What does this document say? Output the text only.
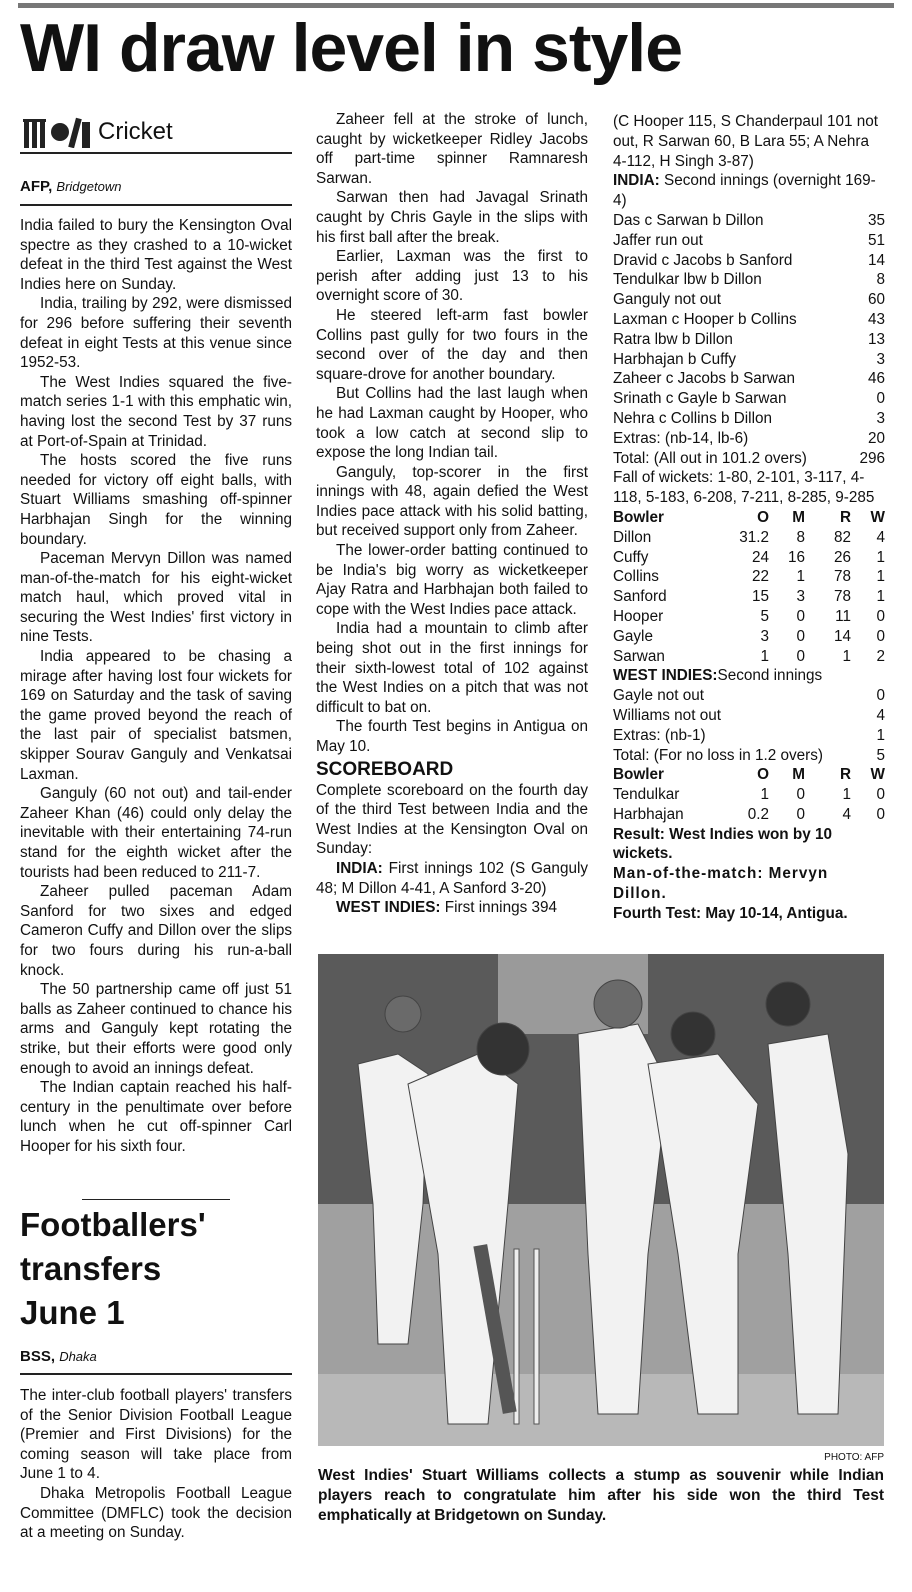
WI draw level in style
Cricket
AFP, Bridgetown

India failed to bury the Kensington Oval spectre as they crashed to a 10-wicket defeat in the third Test against the West Indies here on Sunday.

India, trailing by 292, were dismissed for 296 before suffering their seventh defeat in eight Tests at this venue since 1952-53.

The West Indies squared the five-match series 1-1 with this emphatic win, having lost the second Test by 37 runs at Port-of-Spain at Trinidad.

The hosts scored the five runs needed for victory off eight balls, with Stuart Williams smashing off-spinner Harbhajan Singh for the winning boundary.

Paceman Mervyn Dillon was named man-of-the-match for his eight-wicket match haul, which proved vital in securing the West Indies' first victory in nine Tests.

India appeared to be chasing a mirage after having lost four wickets for 169 on Saturday and the task of saving the game proved beyond the reach of the last pair of specialist batsmen, skipper Sourav Ganguly and Venkatsai Laxman.

Ganguly (60 not out) and tail-ender Zaheer Khan (46) could only delay the inevitable with their entertaining 74-run stand for the eighth wicket after the tourists had been reduced to 211-7.

Zaheer pulled paceman Adam Sanford for two sixes and edged Cameron Cuffy and Dillon over the slips for two fours during his run-a-ball knock.

The 50 partnership came off just 51 balls as Zaheer continued to chance his arms and Ganguly kept rotating the strike, but their efforts were good only enough to avoid an innings defeat.

The Indian captain reached his half-century in the penultimate over before lunch when he cut off-spinner Carl Hooper for his sixth four.

Zaheer fell at the stroke of lunch, caught by wicketkeeper Ridley Jacobs off part-time spinner Ramnaresh Sarwan.

Sarwan then had Javagal Srinath caught by Chris Gayle in the slips with his first ball after the break.

Earlier, Laxman was the first to perish after adding just 13 to his overnight score of 30.

He steered left-arm fast bowler Collins past gully for two fours in the second over of the day and then square-drove for another boundary.

But Collins had the last laugh when he had Laxman caught by Hooper, who took a low catch at second slip to expose the long Indian tail.

Ganguly, top-scorer in the first innings with 48, again defied the West Indies pace attack with his solid batting, but received support only from Zaheer.

The lower-order batting continued to be India's big worry as wicketkeeper Ajay Ratra and Harbhajan both failed to cope with the West Indies pace attack.

India had a mountain to climb after being shot out in the first innings for their sixth-lowest total of 102 against the West Indies on a pitch that was not difficult to bat on.

The fourth Test begins in Antigua on May 10.

SCOREBOARD

Complete scoreboard on the fourth day of the third Test between India and the West Indies at the Kensington Oval on Sunday:

INDIA: First innings 102 (S Ganguly 48; M Dillon 4-41, A Sanford 3-20)

WEST INDIES: First innings 394

(C Hooper 115, S Chanderpaul 101 not out, R Sarwan 60, B Lara 55; A Nehra 4-112, H Singh 3-87)
INDIA: Second innings (overnight 169-4)
Das c Sarwan b Dillon	35
Jaffer run out	51
Dravid c Jacobs b Sanford	14
Tendulkar lbw b Dillon	8
Ganguly not out	60
Laxman c Hooper b Collins	43
Ratra lbw b Dillon	13
Harbhajan b Cuffy	3
Zaheer c Jacobs b Sarwan	46
Srinath c Gayle b Sarwan	0
Nehra c Collins b Dillon	3
Extras: (nb-14, lb-6)	20
Total: (All out in 101.2 overs)	296
Fall of wickets: 1-80, 2-101, 3-117, 4-118, 5-183, 6-208, 7-211, 8-285, 9-285
Bowler	O	M	R	W
Dillon	31.2	8	82	4
Cuffy	24	16	26	1
Collins	22	1	78	1
Sanford	15	3	78	1
Hooper	5	0	11	0
Gayle	3	0	14	0
Sarwan	1	0	1	2
WEST INDIES:Second innings
Gayle not out	0
Williams not out	4
Extras: (nb-1)	1
Total: (For no loss in 1.2 overs)	5
Bowler	O	M	R	W
Tendulkar	1	0	1	0
Harbhajan	0.2	0	4	0
Result: West Indies won by 10 wickets.
Man-of-the-match: Mervyn Dillon.
Fourth Test: May 10-14, Antigua.
Footballers'
transfers
June 1
BSS, Dhaka

The inter-club football players' transfers of the Senior Division Football League (Premier and First Divisions) for the coming season will take place from June 1 to 4.

Dhaka Metropolis Football League Committee (DMFLC) took the decision at a meeting on Sunday.

PHOTO: AFP
West Indies' Stuart Williams collects a stump as souvenir while Indian players reach to congratulate him after his side won the third Test emphatically at Bridgetown on Sunday.
